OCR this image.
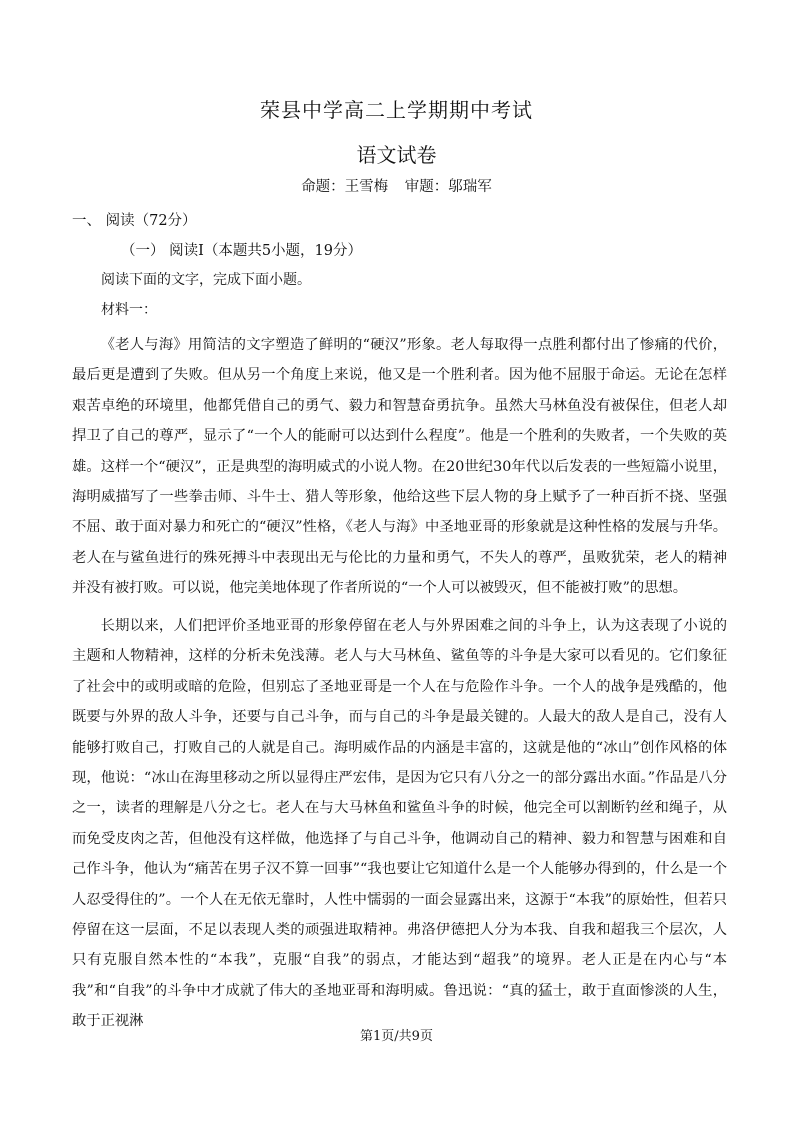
荣县中学高二上学期期中考试
语文试卷
命题：王雪梅 审题：邬瑞军
一、 阅读（72分）
（一） 阅读Ⅰ（本题共5小题，19分）
阅读下面的文字，完成下面小题。
材料一：

《老人与海》用简洁的文字塑造了鲜明的“硬汉”形象。老人每取得一点胜利都付出了惨痛的代价，最后更是遭到了失败。但从另一个角度上来说，他又是一个胜利者。因为他不屈服于命运。无论在怎样艰苦卓绝的环境里，他都凭借自己的勇气、毅力和智慧奋勇抗争。虽然大马林鱼没有被保住，但老人却捍卫了自己的尊严，显示了“一个人的能耐可以达到什么程度”。他是一个胜利的失败者，一个失败的英雄。这样一个“硬汉”，正是典型的海明威式的小说人物。在20世纪30年代以后发表的一些短篇小说里，海明威描写了一些拳击师、斗牛士、猎人等形象，他给这些下层人物的身上赋予了一种百折不挠、坚强不屈、敢于面对暴力和死亡的“硬汉”性格，《老人与海》中圣地亚哥的形象就是这种性格的发展与升华。老人在与鲨鱼进行的殊死搏斗中表现出无与伦比的力量和勇气，不失人的尊严，虽败犹荣，老人的精神并没有被打败。可以说，他完美地体现了作者所说的“一个人可以被毁灭，但不能被打败”的思想。

长期以来，人们把评价圣地亚哥的形象停留在老人与外界困难之间的斗争上，认为这表现了小说的主题和人物精神，这样的分析未免浅薄。老人与大马林鱼、鲨鱼等的斗争是大家可以看见的。它们象征了社会中的或明或暗的危险，但别忘了圣地亚哥是一个人在与危险作斗争。一个人的战争是残酷的，他既要与外界的敌人斗争，还要与自己斗争，而与自己的斗争是最关键的。人最大的敌人是自己，没有人能够打败自己，打败自己的人就是自己。海明威作品的内涵是丰富的，这就是他的“冰山”创作风格的体现，他说：“冰山在海里移动之所以显得庄严宏伟，是因为它只有八分之一的部分露出水面。”作品是八分之一，读者的理解是八分之七。老人在与大马林鱼和鲨鱼斗争的时候，他完全可以割断钓丝和绳子，从而免受皮肉之苦，但他没有这样做，他选择了与自己斗争，他调动自己的精神、毅力和智慧与困难和自己作斗争，他认为“痛苦在男子汉不算一回事”“我也要让它知道什么是一个人能够办得到的，什么是一个人忍受得住的”。一个人在无依无靠时，人性中懦弱的一面会显露出来，这源于“本我”的原始性，但若只停留在这一层面，不足以表现人类的顽强进取精神。弗洛伊德把人分为本我、自我和超我三个层次，人只有克服自然本性的“本我”，克服“自我”的弱点，才能达到“超我”的境界。老人正是在内心与“本我”和“自我”的斗争中才成就了伟大的圣地亚哥和海明威。鲁迅说：“真的猛士，敢于直面惨淡的人生，敢于正视淋

第1页/共9页
